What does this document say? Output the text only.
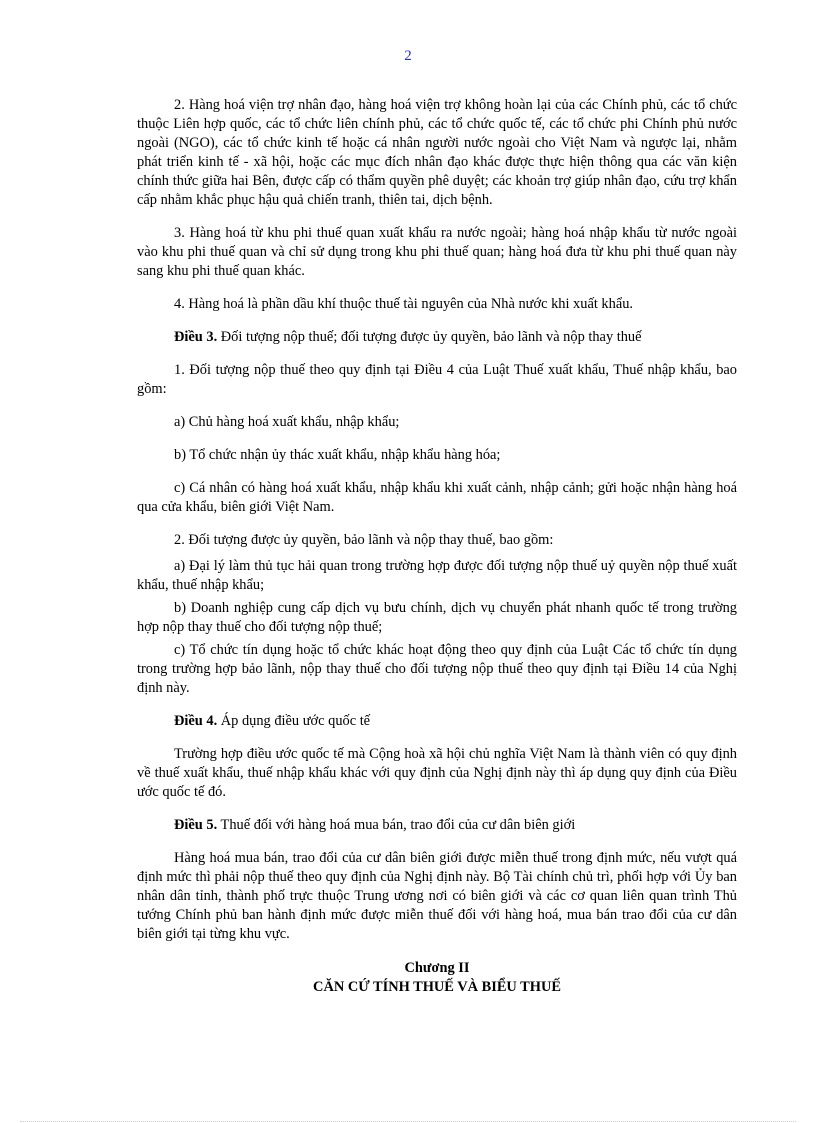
2

2. Hàng hoá viện trợ nhân đạo, hàng hoá viện trợ không hoàn lại của các Chính phủ, các tổ chức thuộc Liên hợp quốc, các tổ chức liên chính phủ, các tổ chức quốc tế, các tổ chức phi Chính phủ nước ngoài (NGO), các tổ chức kinh tế hoặc cá nhân người nước ngoài cho Việt Nam và ngược lại, nhằm phát triển kinh tế - xã hội, hoặc các mục đích nhân đạo khác được thực hiện thông qua các văn kiện chính thức giữa hai Bên, được cấp có thẩm quyền phê duyệt; các khoản trợ giúp nhân đạo, cứu trợ khẩn cấp nhằm khắc phục hậu quả chiến tranh, thiên tai, dịch bệnh.

3. Hàng hoá từ khu phi thuế quan xuất khẩu ra nước ngoài; hàng hoá nhập khẩu từ nước ngoài vào khu phi thuế quan và chỉ sử dụng trong khu phi thuế quan; hàng hoá đưa từ khu phi thuế quan này sang khu phi thuế quan khác.

4. Hàng hoá là phần dầu khí thuộc thuế tài nguyên của Nhà nước khi xuất khẩu.

Điều 3. Đối tượng nộp thuế; đối tượng được ủy quyền, bảo lãnh và nộp thay thuế

1. Đối tượng nộp thuế theo quy định tại Điều 4 của Luật Thuế xuất khẩu, Thuế nhập khẩu, bao gồm:

a) Chủ hàng hoá xuất khẩu, nhập khẩu;

b) Tổ chức nhận ủy thác xuất khẩu, nhập khẩu hàng hóa;

c) Cá nhân có hàng hoá xuất khẩu, nhập khẩu khi xuất cảnh, nhập cảnh; gửi hoặc nhận hàng hoá qua cửa khẩu, biên giới Việt Nam.

2. Đối tượng được ủy quyền, bảo lãnh và nộp thay thuế, bao gồm:

a) Đại lý làm thủ tục hải quan trong trường hợp được đối tượng nộp thuế uỷ quyền nộp thuế xuất khẩu, thuế nhập khẩu;

b) Doanh nghiệp cung cấp dịch vụ bưu chính, dịch vụ chuyển phát nhanh quốc tế trong trường hợp nộp thay thuế cho đối tượng nộp thuế;

c) Tổ chức tín dụng hoặc tổ chức khác hoạt động theo quy định của Luật Các tổ chức tín dụng trong trường hợp bảo lãnh, nộp thay thuế cho đối tượng nộp thuế theo quy định tại Điều 14 của Nghị định này.

Điều 4. Áp dụng điều ước quốc tế

Trường hợp điều ước quốc tế mà Cộng hoà xã hội chủ nghĩa Việt Nam là thành viên có quy định về thuế xuất khẩu, thuế nhập khẩu khác với quy định của Nghị định này thì áp dụng quy định của Điều ước quốc tế đó.

Điều 5. Thuế đối với hàng hoá mua bán, trao đổi của cư dân biên giới

Hàng hoá mua bán, trao đổi của cư dân biên giới được miễn thuế trong định mức, nếu vượt quá định mức thì phải nộp thuế theo quy định của Nghị định này. Bộ Tài chính chủ trì, phối hợp với Ủy ban nhân dân tỉnh, thành phố trực thuộc Trung ương nơi có biên giới và các cơ quan liên quan trình Thủ tướng Chính phủ ban hành định mức được miễn thuế đối với hàng hoá, mua bán trao đổi của cư dân biên giới tại từng khu vực.

Chương II

CĂN CỨ TÍNH THUẾ VÀ BIỂU THUẾ
